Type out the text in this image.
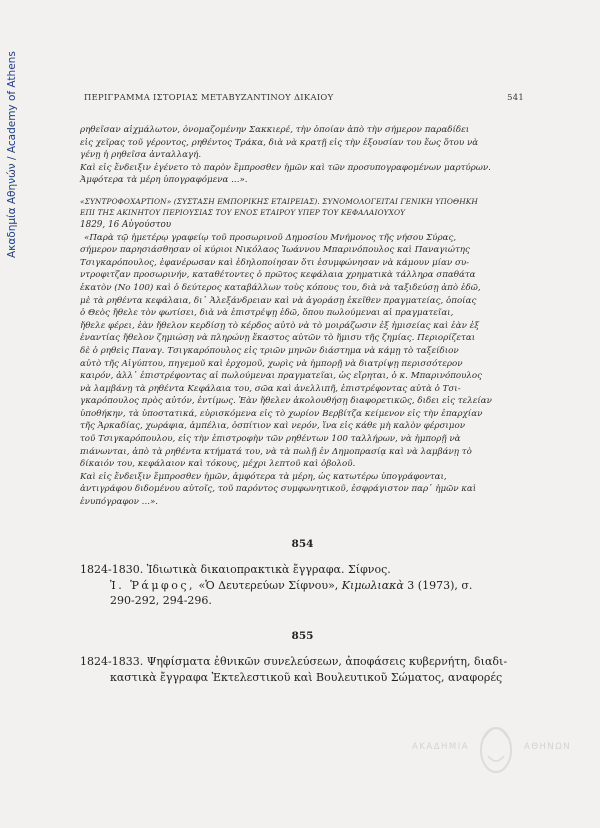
Ακαδημία Αθηνών / Academy of Athens	ΠΕΡΙΓΡΑΜΜΑ ΙΣΤΟΡΙΑΣ ΜΕΤΑΒΥΖΑΝΤΙΝΟΥ ΔΙΚΑΙΟΥ	541

ρηθεῖσαν αἰχμάλωτον, ὀνομαζομένην Σακκιερέ, τὴν ὁποίαν ἀπὸ τὴν σήμερον παραδίδει

εἰς χεῖρας τοῦ γέροντος, ρηθέντος Τράκα, διὰ νὰ κρατῇ εἰς τὴν ἐξουσίαν του ἕως ὅτου νὰ

γένῃ ἡ ρηθεῖσα ἀνταλλαγή.

Καὶ εἰς ἔνδειξιν ἐγένετο τὸ παρὸν ἔμπροσθεν ἡμῶν καὶ τῶν προσυπογραφομένων μαρτύρων.

Ἀμφότερα τὰ μέρη ὑπογραφόμενα ...».

«ΣΥΝΤΡΟΦΟΧΑΡΤΙΟΝ» (ΣΥΣΤΑΣΗ ΕΜΠΟΡΙΚΗΣ ΕΤΑΙΡΕΙΑΣ). ΣΥΝΟΜΟΛΟΓΕΙΤΑΙ ΓΕΝΙΚΗ ΥΠΟΘΗΚΗ

ΕΠΙ ΤΗΣ ΑΚΙΝΗΤΟΥ ΠΕΡΙΟΥΣΙΑΣ ΤΟΥ ΕΝΟΣ ΕΤΑΙΡΟΥ ΥΠΕΡ ΤΟΥ ΚΕΦΑΛΑΙΟΥΧΟΥ

1829, 16 Αὐγούστου

«Παρὰ τῷ ἡμετέρῳ γραφείῳ τοῦ προσωρινοῦ Δημοσίου Μνήμονος τῆς νήσου Σύρας,

σήμερον παρησιάσθησαν οἱ κύριοι Νικόλαος Ἰωάννου Μπαρινόπουλος καὶ Παναγιώτης

Τσιγκαρόπουλος, ἐφανέρωσαν καὶ ἐδηλοποίησαν ὅτι ἐσυμφώνησαν νὰ κάμουν μίαν συ-

ντροφιτζαν προσωρινήν, καταθέτοντες ὁ πρῶτος κεφάλαια χρηματικὰ τάλληρα σπαθάτα

ἑκατὸν (No 100) καὶ ὁ δεύτερος καταβάλλων τοὺς κόπους του, διὰ νὰ ταξιδεύσῃ ἀπὸ ἐδῶ,

μὲ τὰ ρηθέντα κεφάλαια, δι᾽ Ἀλεξάνδρειαν καὶ νὰ ἀγοράσῃ ἐκεῖθεν πραγματείας, ὁποίας

ὁ Θεὸς ἤθελε τὸν φωτίσει, διὰ νὰ ἐπιστρέψῃ ἐδῶ, ὅπου πωλούμεναι αἱ πραγματεῖαι,

ἤθελε φέρει, ἐὰν ἤθελον κερδίσῃ τὸ κέρδος αὐτὸ νὰ τὸ μοιράζωσιν ἐξ ἡμισείας καὶ ἐὰν ἐξ

ἐναντίας ἤθελον ζημιώσῃ νὰ πληρώνῃ ἕκαστος αὐτῶν τὸ ἥμισυ τῆς ζημίας. Περιορίζεται

δὲ ὁ ρηθεὶς Παναγ. Τσιγκαρόπουλος εἰς τριῶν μηνῶν διάστημα νὰ κάμῃ τὸ ταξείδιον

αὐτὸ τῆς Αἰγύπτου, πηγεμοῦ καὶ ἐρχομοῦ, χωρὶς νὰ ἠμπορῇ νὰ διατρίψῃ περισσότερον

καιρόν, ἀλλ᾽ ἐπιστρέφοντας αἱ πωλούμεναι πραγματεῖαι, ὡς εἴρηται, ὁ κ. Μπαρινόπουλος

νὰ λαμβάνῃ τὰ ρηθέντα Κεφάλαια του, σῶα καὶ ἀνελλιπῆ, ἐπιστρέφοντας αὐτὰ ὁ Τσι-

γκαρόπουλος πρὸς αὐτόν, ἐντίμως. Ἐὰν ἤθελεν ἀκολουθήσῃ διαφορετικῶς, διδει εἰς τελείαν

ὑποθήκην, τὰ ὑποστατικά, εὑρισκόμενα εἰς τὸ χωρίον Βερβίτζα κείμενον εἰς τὴν ἐπαρχίαν

τῆς Ἀρκαδίας, χωράφια, ἀμπέλια, ὀσπίτιον καὶ νερόν, ἵνα εἰς κάθε μὴ καλὸν φέρσιμον

τοῦ Τσιγκαρόπουλου, εἰς τὴν ἐπιστροφὴν τῶν ρηθέντων 100 ταλλήρων, νὰ ἠμπορῇ νὰ

πιάνωνται, ἀπὸ τὰ ρηθέντα κτήματά του, νὰ τὰ πωλῇ ἐν Δημοπρασίᾳ καὶ νὰ λαμβάνῃ τὸ

δίκαιόν του, κεφάλαιον καὶ τόκους, μέχρι λεπτοῦ καὶ ὀβολοῦ.

Καὶ εἰς ἔνδειξιν ἔμπροσθεν ἡμῶν, ἀμφότερα τὰ μέρη, ὡς κατωτέρω ὑπογράφονται,

ἀντιγράφου διδομένου αὐτοῖς, τοῦ παρόντος συμφωνητικοῦ, ἐσφράγιστον παρ᾽ ἡμῶν καὶ

ἐνυπόγραφον ...».

854
1824-1830. Ἰδιωτικὰ δικαιοπρακτικὰ ἔγγραφα. Σίφνος.
Ἰ. Ῥάμφος, «Ὁ Δευτερεύων Σίφνου», Κιμωλιακὰ 3 (1973), σ.
290-292, 294-296.
855
1824-1833. Ψηφίσματα ἐθνικῶν συνελεύσεων, ἀποφάσεις κυβερνήτη, διαδι-
καστικὰ ἔγγραφα Ἐκτελεστικοῦ καὶ Βουλευτικοῦ Σώματος, αναφορές
ΑΚΑΔΗΜΙΑ	ΑΘΗΝΩΝ
